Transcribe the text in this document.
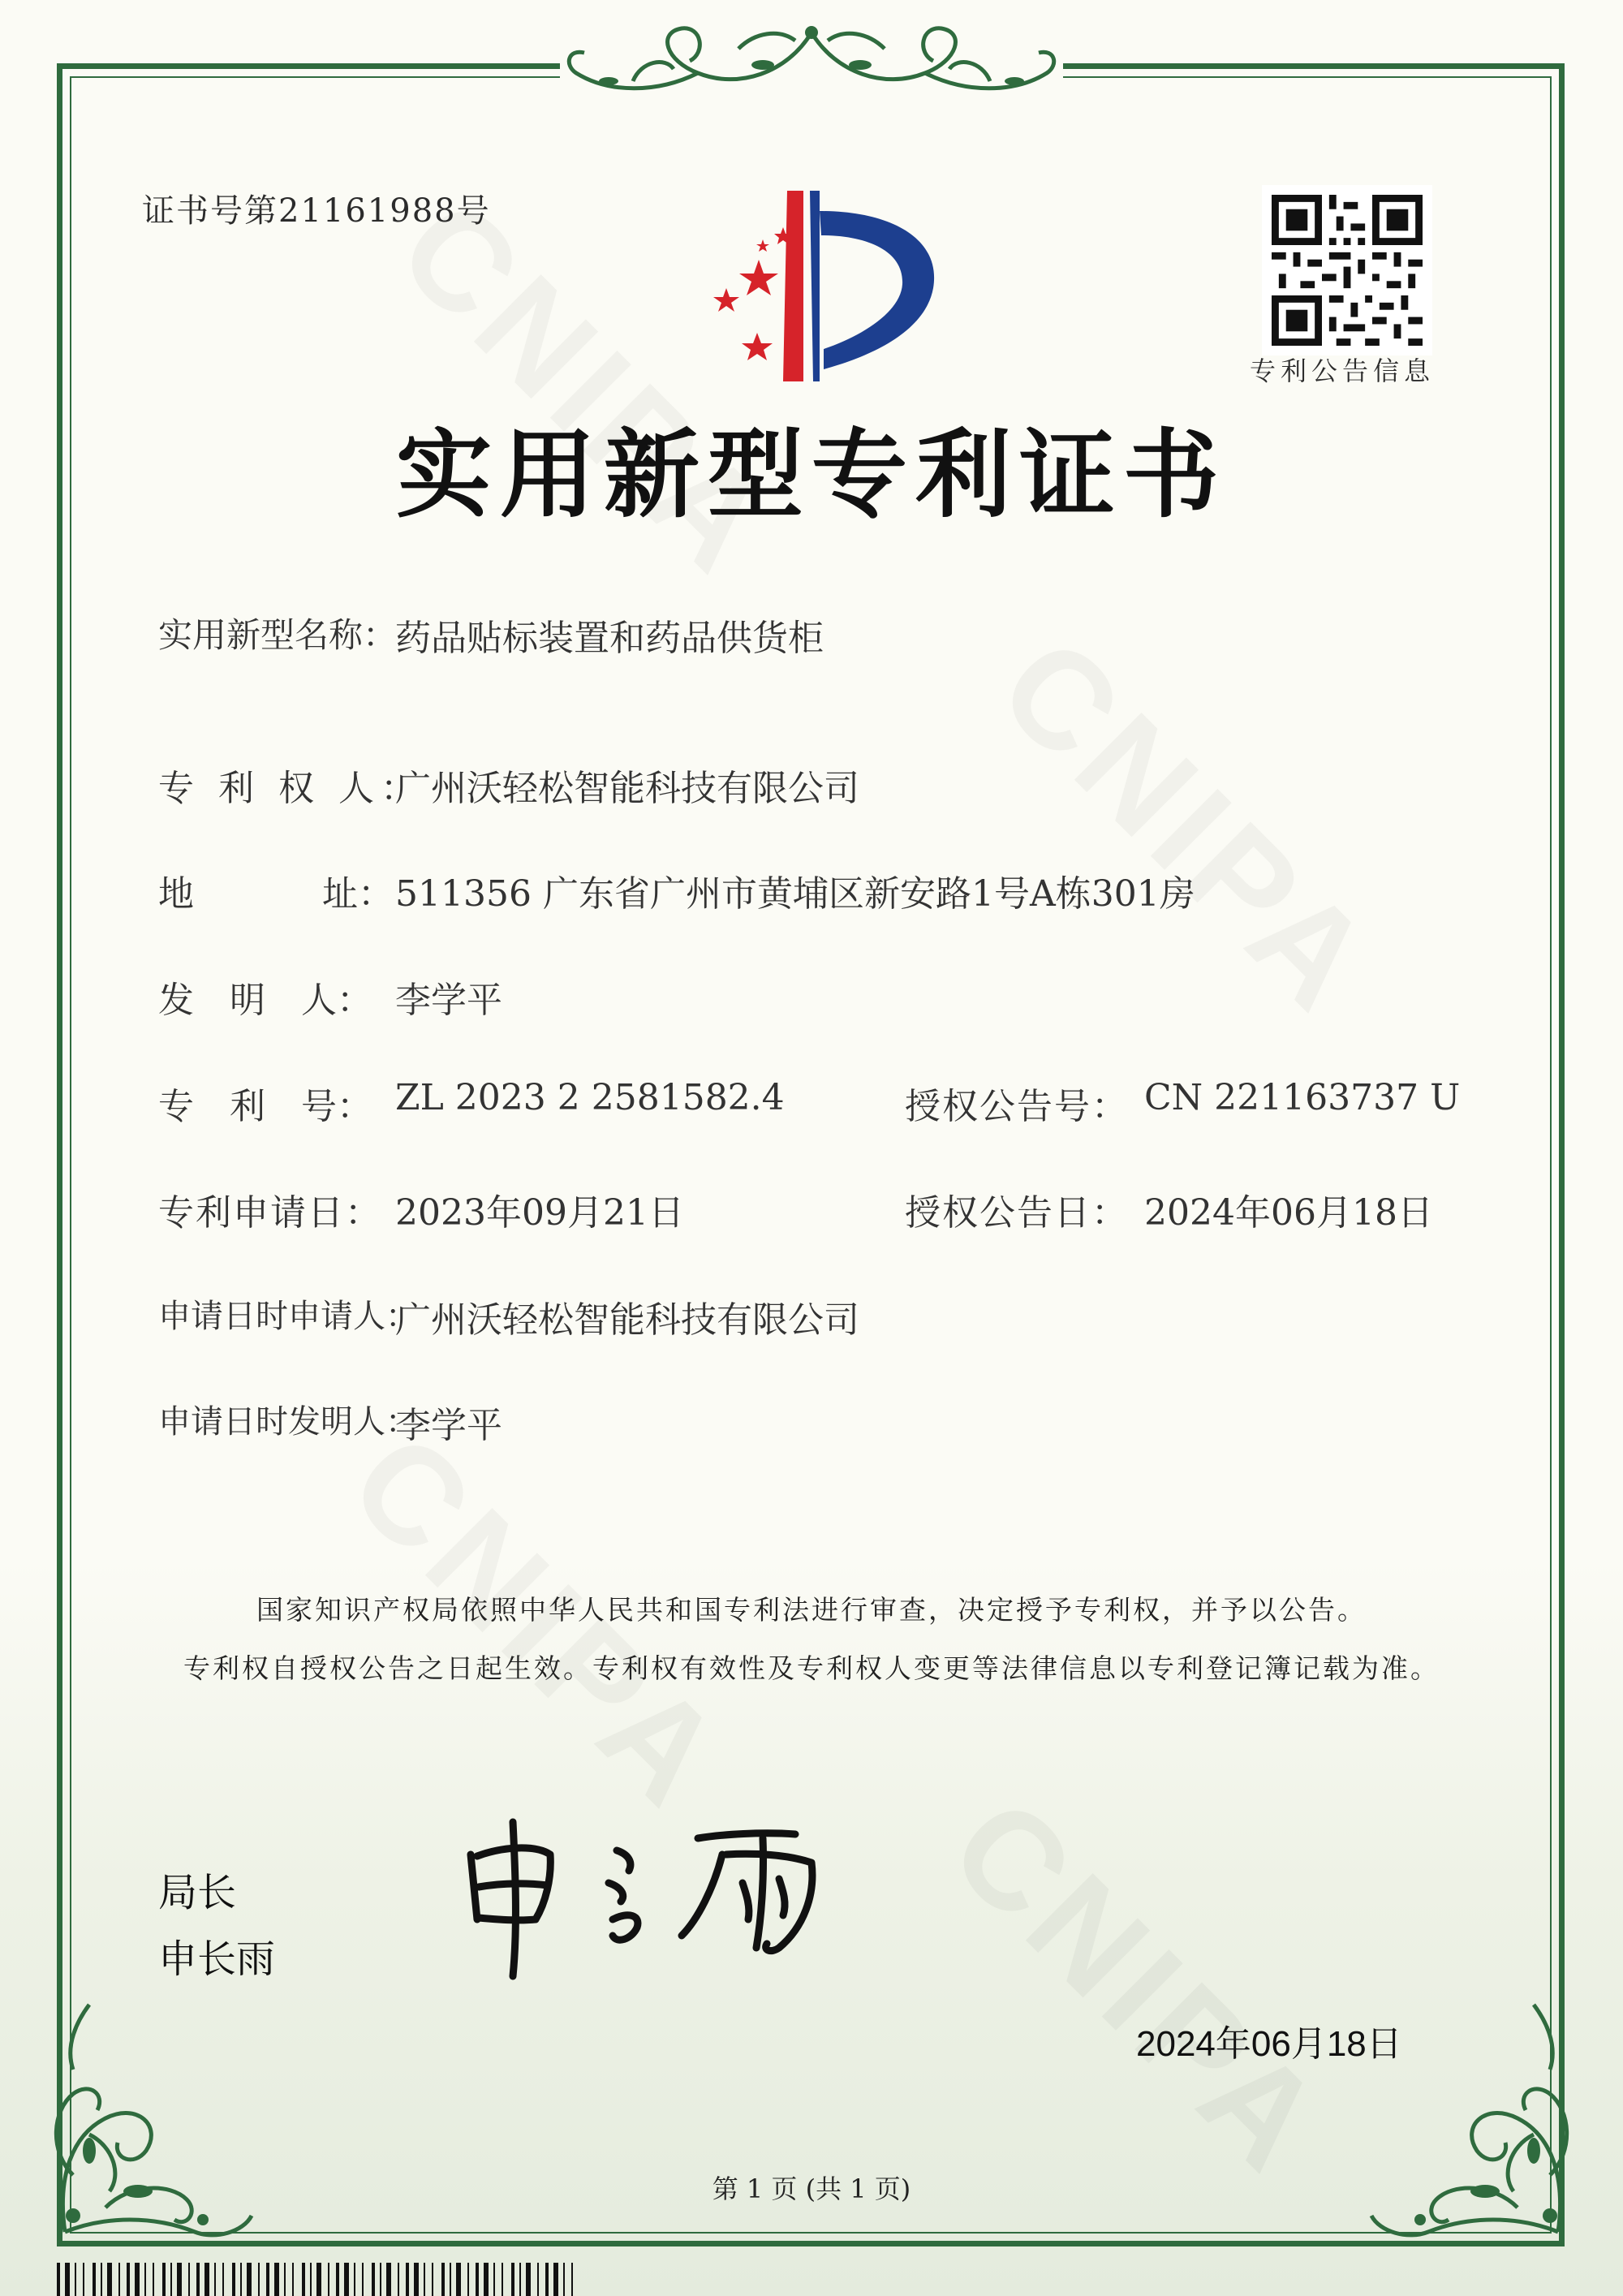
证书号第21161988号
专利公告信息
实用新型专利证书
实用新型名称：
药品贴标装置和药品供货柜
专 利 权 人：
广州沃轻松智能科技有限公司
地	址： 511356 广东省广州市黄埔区新安路1号A栋301房
发　明　人： 李学平
专　利　号： ZL 2023 2 2581582.4	授权公告号： CN 221163737 U
专利申请日： 2023年09月21日	授权公告日： 2024年06月18日
申请日时申请人：
广州沃轻松智能科技有限公司
申请日时发明人：
李学平
国家知识产权局依照中华人民共和国专利法进行审查，决定授予专利权，并予以公告。
专利权自授权公告之日起生效。专利权有效性及专利权人变更等法律信息以专利登记簿记载为准。
局长
申长雨
2024年06月18日
第 1 页 (共 1 页)
